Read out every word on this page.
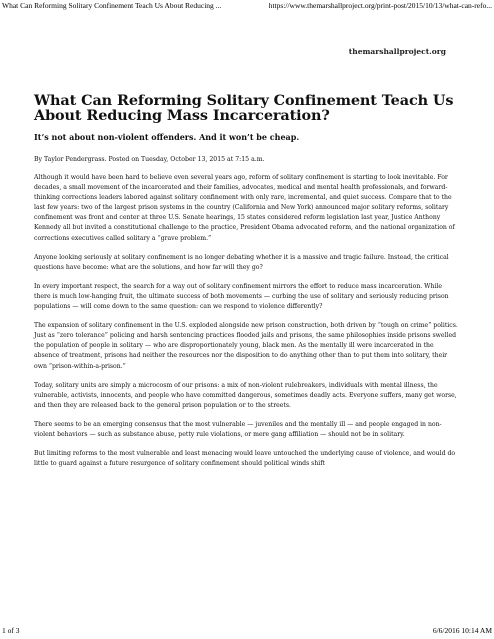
What Can Reforming Solitary Confinement Teach Us About Reducing ...	https://www.themarshallproject.org/print-post/2015/10/13/what-can-refo...
themarshallproject.org
What Can Reforming Solitary Confinement Teach Us About Reducing Mass Incarceration?

It’s not about non-violent offenders. And it won’t be cheap.

By Taylor Pendergrass. Posted on Tuesday, October 13, 2015 at 7:15 a.m.

Although it would have been hard to believe even several years ago, reform of solitary confinement is starting to look inevitable. For decades, a small movement of the incarcerated and their families, advocates, medical and mental health professionals, and forward-thinking corrections leaders labored against solitary confinement with only rare, incremental, and quiet success. Compare that to the last few years: two of the largest prison systems in the country (California and New York) announced major solitary reforms, solitary confinement was front and center at three U.S. Senate hearings, 15 states considered reform legislation last year, Justice Anthony Kennedy all but invited a constitutional challenge to the practice, President Obama advocated reform, and the national organization of corrections executives called solitary a “grave problem.”

Anyone looking seriously at solitary confinement is no longer debating whether it is a massive and tragic failure. Instead, the critical questions have become: what are the solutions, and how far will they go?

In every important respect, the search for a way out of solitary confinement mirrors the effort to reduce mass incarceration. While there is much low-hanging fruit, the ultimate success of both movements — curbing the use of solitary and seriously reducing prison populations — will come down to the same question: can we respond to violence differently?

The expansion of solitary confinement in the U.S. exploded alongside new prison construction, both driven by “tough on crime” politics. Just as “zero tolerance” policing and harsh sentencing practices flooded jails and prisons, the same philosophies inside prisons swelled the population of people in solitary — who are disproportionately young, black men. As the mentally ill were incarcerated in the absence of treatment, prisons had neither the resources nor the disposition to do anything other than to put them into solitary, their own “prison-within-a-prison.”

Today, solitary units are simply a microcosm of our prisons: a mix of non-violent rulebreakers, individuals with mental illness, the vulnerable, activists, innocents, and people who have committed dangerous, sometimes deadly acts. Everyone suffers, many get worse, and then they are released back to the general prison population or to the streets.

There seems to be an emerging consensus that the most vulnerable — juveniles and the mentally ill — and people engaged in non-violent behaviors — such as substance abuse, petty rule violations, or mere gang affiliation — should not be in solitary.

But limiting reforms to the most vulnerable and least menacing would leave untouched the underlying cause of violence, and would do little to guard against a future resurgence of solitary confinement should political winds shift

1 of 3	6/6/2016 10:14 AM
